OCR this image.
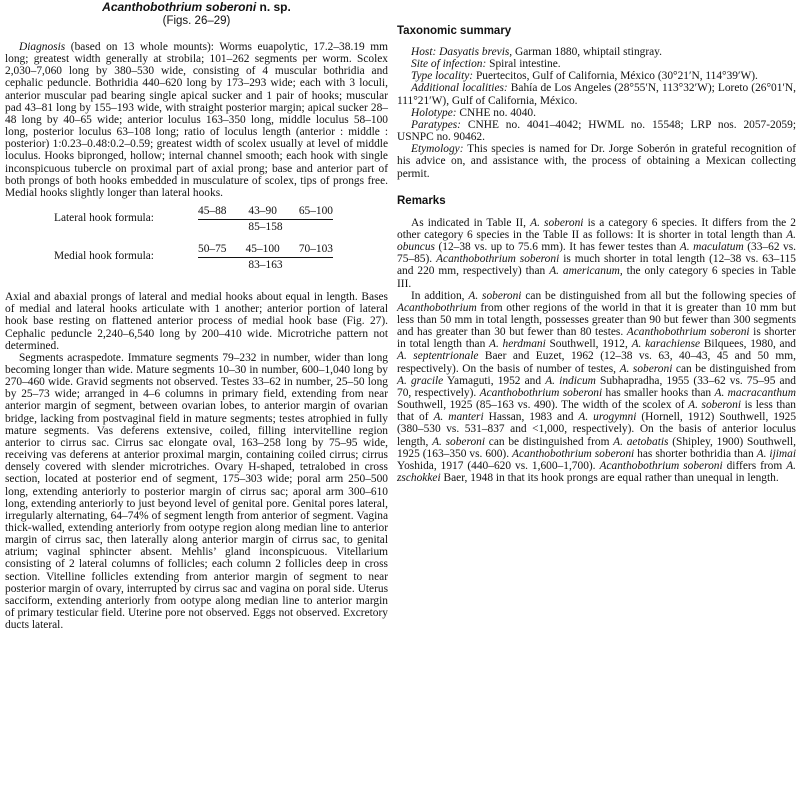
Acanthobothrium soberoni n. sp.
(Figs. 26–29)

Diagnosis (based on 13 whole mounts): Worms euapolytic, 17.2–38.19 mm long; greatest width generally at strobila; 101–262 segments per worm. Scolex 2,030–7,060 long by 380–530 wide, consisting of 4 muscular bothridia and cephalic peduncle. Bothridia 440–620 long by 173–293 wide; each with 3 loculi, anterior muscular pad bearing single apical sucker and 1 pair of hooks; muscular pad 43–81 long by 155–193 wide, with straight posterior margin; apical sucker 28–48 long by 40–65 wide; anterior loculus 163–350 long, middle loculus 58–100 long, posterior loculus 63–108 long; ratio of loculus length (anterior : middle : posterior) 1:0.23–0.48:0.2–0.59; greatest width of scolex usually at level of middle loculus. Hooks bipronged, hollow; internal channel smooth; each hook with single inconspicuous tubercle on proximal part of axial prong; base and anterior part of both prongs of both hooks embedded in musculature of scolex, tips of prongs free. Medial hooks slightly longer than lateral hooks.

Lateral hook formula:	$\frac{45-88 43-90 65-100}{85-158}$
Medial hook formula:	$\frac{50-75 45-100 70-103}{83-163}$

Axial and abaxial prongs of lateral and medial hooks about equal in length. Bases of medial and lateral hooks articulate with 1 another; anterior portion of lateral hook base resting on flattened anterior process of medial hook base (Fig. 27). Cephalic peduncle 2,240–6,540 long by 200–410 wide. Microtriche pattern not determined.

Segments acraspedote. Immature segments 79–232 in number, wider than long becoming longer than wide. Mature segments 10–30 in number, 600–1,040 long by 270–460 wide. Gravid segments not observed. Testes 33–62 in number, 25–50 long by 25–73 wide; arranged in 4–6 columns in primary field, extending from near anterior margin of segment, between ovarian lobes, to anterior margin of ovarian bridge, lacking from postvaginal field in mature segments; testes atrophied in fully mature segments. Vas deferens extensive, coiled, filling intervitelline region anterior to cirrus sac. Cirrus sac elongate oval, 163–258 long by 75–95 wide, receiving vas deferens at anterior proximal margin, containing coiled cirrus; cirrus densely covered with slender microtriches. Ovary H-shaped, tetralobed in cross section, located at posterior end of segment, 175–303 wide; poral arm 250–500 long, extending anteriorly to posterior margin of cirrus sac; aporal arm 300–610 long, extending anteriorly to just beyond level of genital pore. Genital pores lateral, irregularly alternating, 64–74% of segment length from anterior of segment. Vagina thick-walled, extending anteriorly from ootype region along median line to anterior margin of cirrus sac, then laterally along anterior margin of cirrus sac, to genital atrium; vaginal sphincter absent. Mehlis’ gland inconspicuous. Vitellarium consisting of 2 lateral columns of follicles; each column 2 follicles deep in cross section. Vitelline follicles extending from anterior margin of segment to near posterior margin of ovary, interrupted by cirrus sac and vagina on poral side. Uterus sacciform, extending anteriorly from ootype along median line to anterior margin of primary testicular field. Uterine pore not observed. Eggs not observed. Excretory ducts lateral.

Taxonomic summary

Host: Dasyatis brevis, Garman 1880, whiptail stingray.

Site of infection: Spiral intestine.

Type locality: Puertecitos, Gulf of California, México (30°21′N, 114°39′W).

Additional localities: Bahía de Los Angeles (28°55′N, 113°32′W); Loreto (26°01′N, 111°21′W), Gulf of California, México.

Holotype: CNHE no. 4040.

Paratypes: CNHE no. 4041–4042; HWML no. 15548; LRP nos. 2057-2059; USNPC no. 90462.

Etymology: This species is named for Dr. Jorge Soberón in grateful recognition of his advice on, and assistance with, the process of obtaining a Mexican collecting permit.

Remarks

As indicated in Table II, A. soberoni is a category 6 species. It differs from the 2 other category 6 species in the Table II as follows: It is shorter in total length than A. obuncus (12–38 vs. up to 75.6 mm). It has fewer testes than A. maculatum (33–62 vs. 75–85). Acanthobothrium soberoni is much shorter in total length (12–38 vs. 63–115 and 220 mm, respectively) than A. americanum, the only category 6 species in Table III.

In addition, A. soberoni can be distinguished from all but the following species of Acanthobothrium from other regions of the world in that it is greater than 10 mm but less than 50 mm in total length, possesses greater than 90 but fewer than 300 segments and has greater than 30 but fewer than 80 testes. Acanthobothrium soberoni is shorter in total length than A. herdmani Southwell, 1912, A. karachiense Bilquees, 1980, and A. septentrionale Baer and Euzet, 1962 (12–38 vs. 63, 40–43, 45 and 50 mm, respectively). On the basis of number of testes, A. soberoni can be distinguished from A. gracile Yamaguti, 1952 and A. indicum Subhapradha, 1955 (33–62 vs. 75–95 and 70, respectively). Acanthobothrium soberoni has smaller hooks than A. macracanthum Southwell, 1925 (85–163 vs. 490). The width of the scolex of A. soberoni is less than that of A. manteri Hassan, 1983 and A. urogymni (Hornell, 1912) Southwell, 1925 (380–530 vs. 531–837 and <1,000, respectively). On the basis of anterior loculus length, A. soberoni can be distinguished from A. aetobatis (Shipley, 1900) Southwell, 1925 (163–350 vs. 600). Acanthobothrium soberoni has shorter bothridia than A. ijimai Yoshida, 1917 (440–620 vs. 1,600–1,700). Acanthobothrium soberoni differs from A. zschokkei Baer, 1948 in that its hook prongs are equal rather than unequal in length.
